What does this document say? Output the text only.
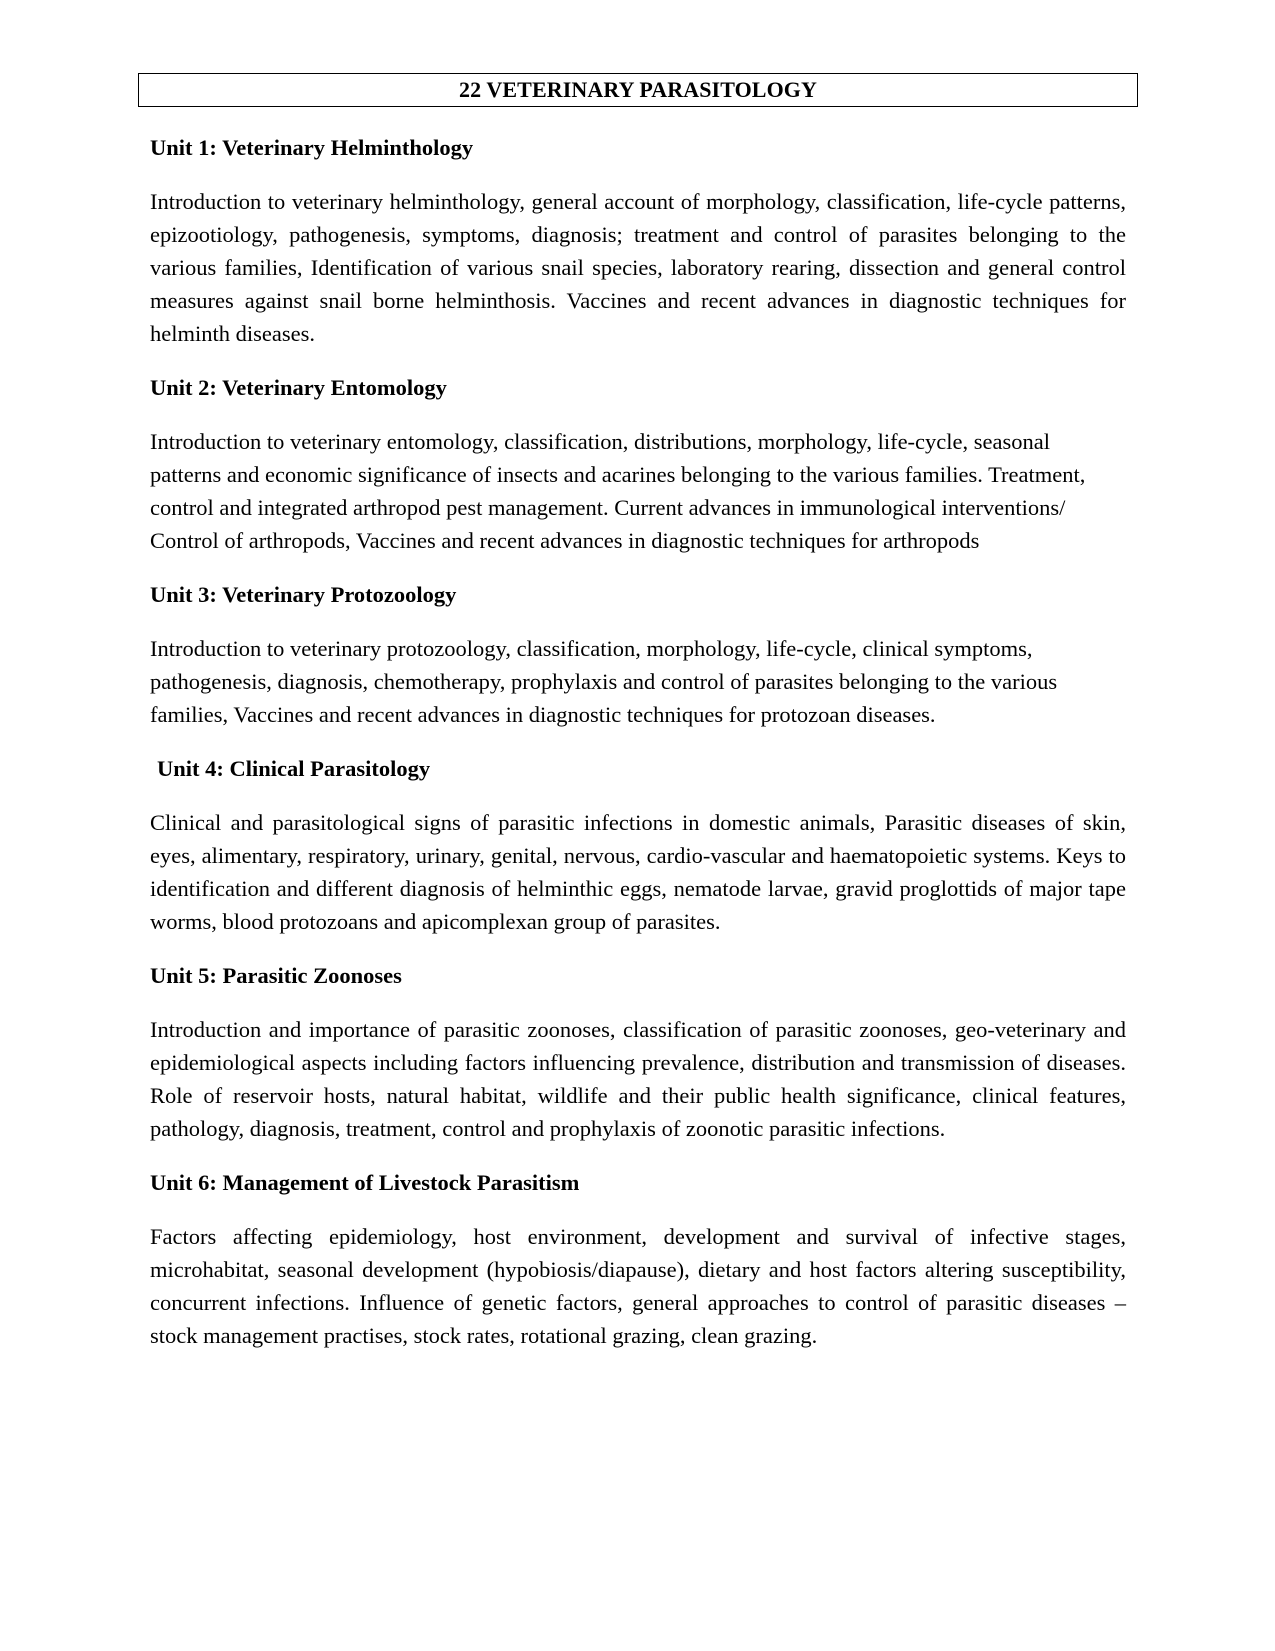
22 VETERINARY PARASITOLOGY
Unit 1: Veterinary Helminthology
Introduction to veterinary helminthology, general account of morphology, classification, life-cycle patterns, epizootiology, pathogenesis, symptoms, diagnosis; treatment and control of parasites belonging to the various families, Identification of various snail species, laboratory rearing, dissection and general control measures against snail borne helminthosis. Vaccines and recent advances in diagnostic techniques for helminth diseases.
Unit 2: Veterinary Entomology
Introduction to veterinary entomology, classification, distributions, morphology, life-cycle, seasonal patterns and economic significance of insects and acarines belonging to the various families. Treatment, control and integrated arthropod pest management. Current advances in immunological interventions/ Control of arthropods, Vaccines and recent advances in diagnostic techniques for arthropods
Unit 3: Veterinary Protozoology
Introduction to veterinary protozoology, classification, morphology, life-cycle, clinical symptoms, pathogenesis, diagnosis, chemotherapy, prophylaxis and control of parasites belonging to the various families, Vaccines and recent advances in diagnostic techniques for protozoan diseases.
Unit 4: Clinical Parasitology
Clinical and parasitological signs of parasitic infections in domestic animals, Parasitic diseases of skin, eyes, alimentary, respiratory, urinary, genital, nervous, cardio-vascular and haematopoietic systems. Keys to identification and different diagnosis of helminthic eggs, nematode larvae, gravid proglottids of major tape worms, blood protozoans and apicomplexan group of parasites.
Unit 5: Parasitic Zoonoses
Introduction and importance of parasitic zoonoses, classification of parasitic zoonoses, geo-veterinary and epidemiological aspects including factors influencing prevalence, distribution and transmission of diseases. Role of reservoir hosts, natural habitat, wildlife and their public health significance, clinical features, pathology, diagnosis, treatment, control and prophylaxis of zoonotic parasitic infections.
Unit 6: Management of Livestock Parasitism
Factors affecting epidemiology, host environment, development and survival of infective stages, microhabitat, seasonal development (hypobiosis/diapause), dietary and host factors altering susceptibility, concurrent infections. Influence of genetic factors, general approaches to control of parasitic diseases – stock management practises, stock rates, rotational grazing, clean grazing.
